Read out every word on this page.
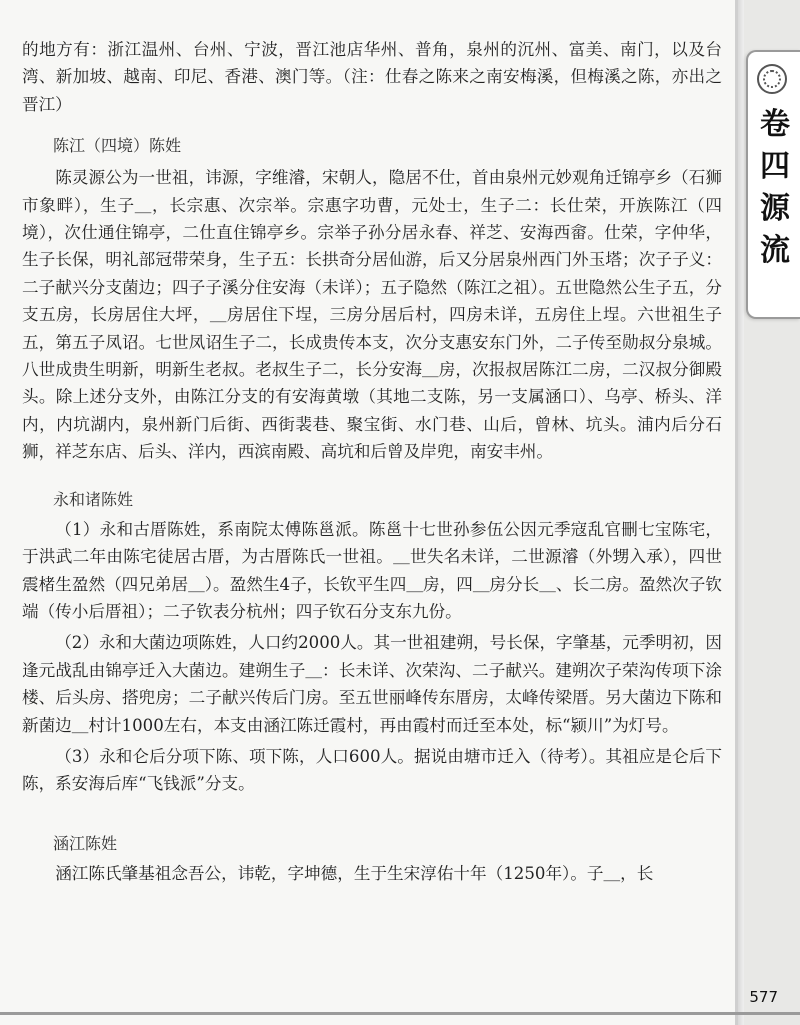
的地方有：浙江温州、台州、宁波，晋江池店华州、普角，泉州的沉州、富美、南门，以及台湾、新加坡、越南、印尼、香港、澳门等。（注：仕春之陈来之南安梅溪，但梅溪之陈，亦出之晋江）

陈江（四境）陈姓

陈灵源公为一世祖，讳源，字维濬，宋朝人，隐居不仕，首由泉州元妙观角迁锦亭乡（石狮市象畔），生子＿，长宗惠、次宗举。宗惠字功曹，元处士，生子二：长仕荣，开族陈江（四境），次仕通住锦亭，二仕直住锦亭乡。宗举子孙分居永春、祥芝、安海西畲。仕荣，字仲华，生子长保，明礼部冠带荣身，生子五：长拱奇分居仙游，后又分居泉州西门外玉塔；次子子义：二子献兴分支菌边；四子子溪分住安海（未详）；五子隐然（陈江之祖）。五世隐然公生子五，分支五房，长房居住大坪，＿房居住下埕，三房分居后村，四房未详，五房住上埕。六世祖生子五，第五子凤诏。七世凤诏生子二，长成贵传本支，次分支惠安东门外，二子传至勋叔分泉城。八世成贵生明新，明新生老叔。老叔生子二，长分安海＿房，次报叔居陈江二房，二汉叔分御殿头。除上述分支外，由陈江分支的有安海黄墩（其地二支陈，另一支属涵口）、乌亭、桥头、洋内，内坑湖内，泉州新门后街、西街裴巷、聚宝街、水门巷、山后，曾林、坑头。浦内后分石狮，祥芝东店、后头、洋内，西滨南殿、高坑和后曾及岸兜，南安丰州。

永和诸陈姓

（1）永和古厝陈姓，系南院太傅陈邕派。陈邕十七世孙参伍公因元季寇乱官刪七宝陈宅，于洪武二年由陈宅徒居古厝，为古厝陈氏一世祖。＿世失名未详，二世源濬（外甥入承），四世震楮生盈然（四兄弟居＿）。盈然生4子，长钦平生四＿房，四＿房分长＿、长二房。盈然次子钦端（传小后厝祖）；二子钦表分杭州；四子钦石分支东九份。

（2）永和大菌边项陈姓，人口约2000人。其一世祖建朔，号长保，字肇基，元季明初，因逢元战乱由锦亭迁入大菌边。建朔生子＿：长未详、次荣沟、二子献兴。建朔次子荣沟传项下涂楼、后头房、搭兜房；二子献兴传后门房。至五世丽峰传东厝房，太峰传梁厝。另大菌边下陈和新菌边＿村计1000左右，本支由涵江陈迁霞村，再由霞村而迁至本处，标“颍川”为灯号。

（3）永和仑后分项下陈、项下陈，人口600人。据说由塘市迁入（待考）。其祖应是仑后下陈，系安海后库“飞钱派”分支。

涵江陈姓

涵江陈氏肇基祖念吾公，讳乾，字坤德，生于生宋淳佑十年（1250年）。子＿，长

卷四
源流
577
